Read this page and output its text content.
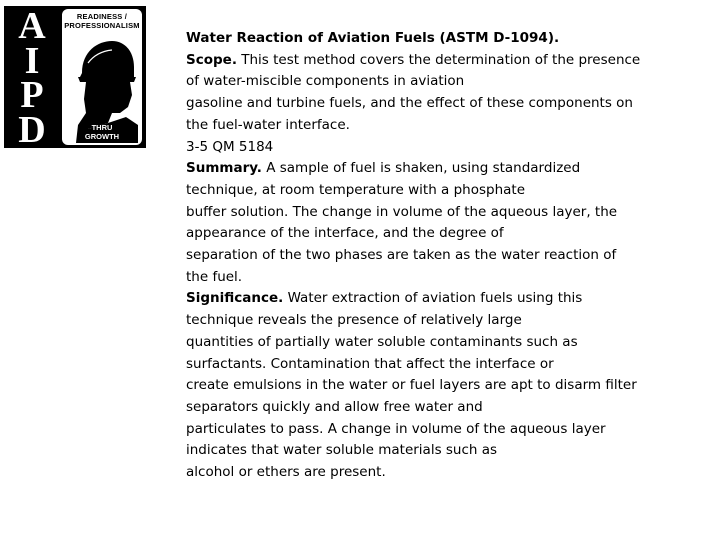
A
I
P
D
READINESS /
PROFESSIONALISM
THRU
GROWTH
Water Reaction of Aviation Fuels (ASTM D-1094).
Scope. This test method covers the determination of the presence
of water-miscible components in aviation
gasoline and turbine fuels, and the effect of these components on
the fuel-water interface.
3-5 QM 5184
Summary. A sample of fuel is shaken, using standardized
technique, at room temperature with a phosphate
buffer solution. The change in volume of the aqueous layer, the
appearance of the interface, and the degree of
separation of the two phases are taken as the water reaction of
the fuel.
Significance. Water extraction of aviation fuels using this
technique reveals the presence of relatively large
quantities of partially water soluble contaminants such as
surfactants. Contamination that affect the interface or
create emulsions in the water or fuel layers are apt to disarm filter
separators quickly and allow free water and
particulates to pass. A change in volume of the aqueous layer
indicates that water soluble materials such as
alcohol or ethers are present.
